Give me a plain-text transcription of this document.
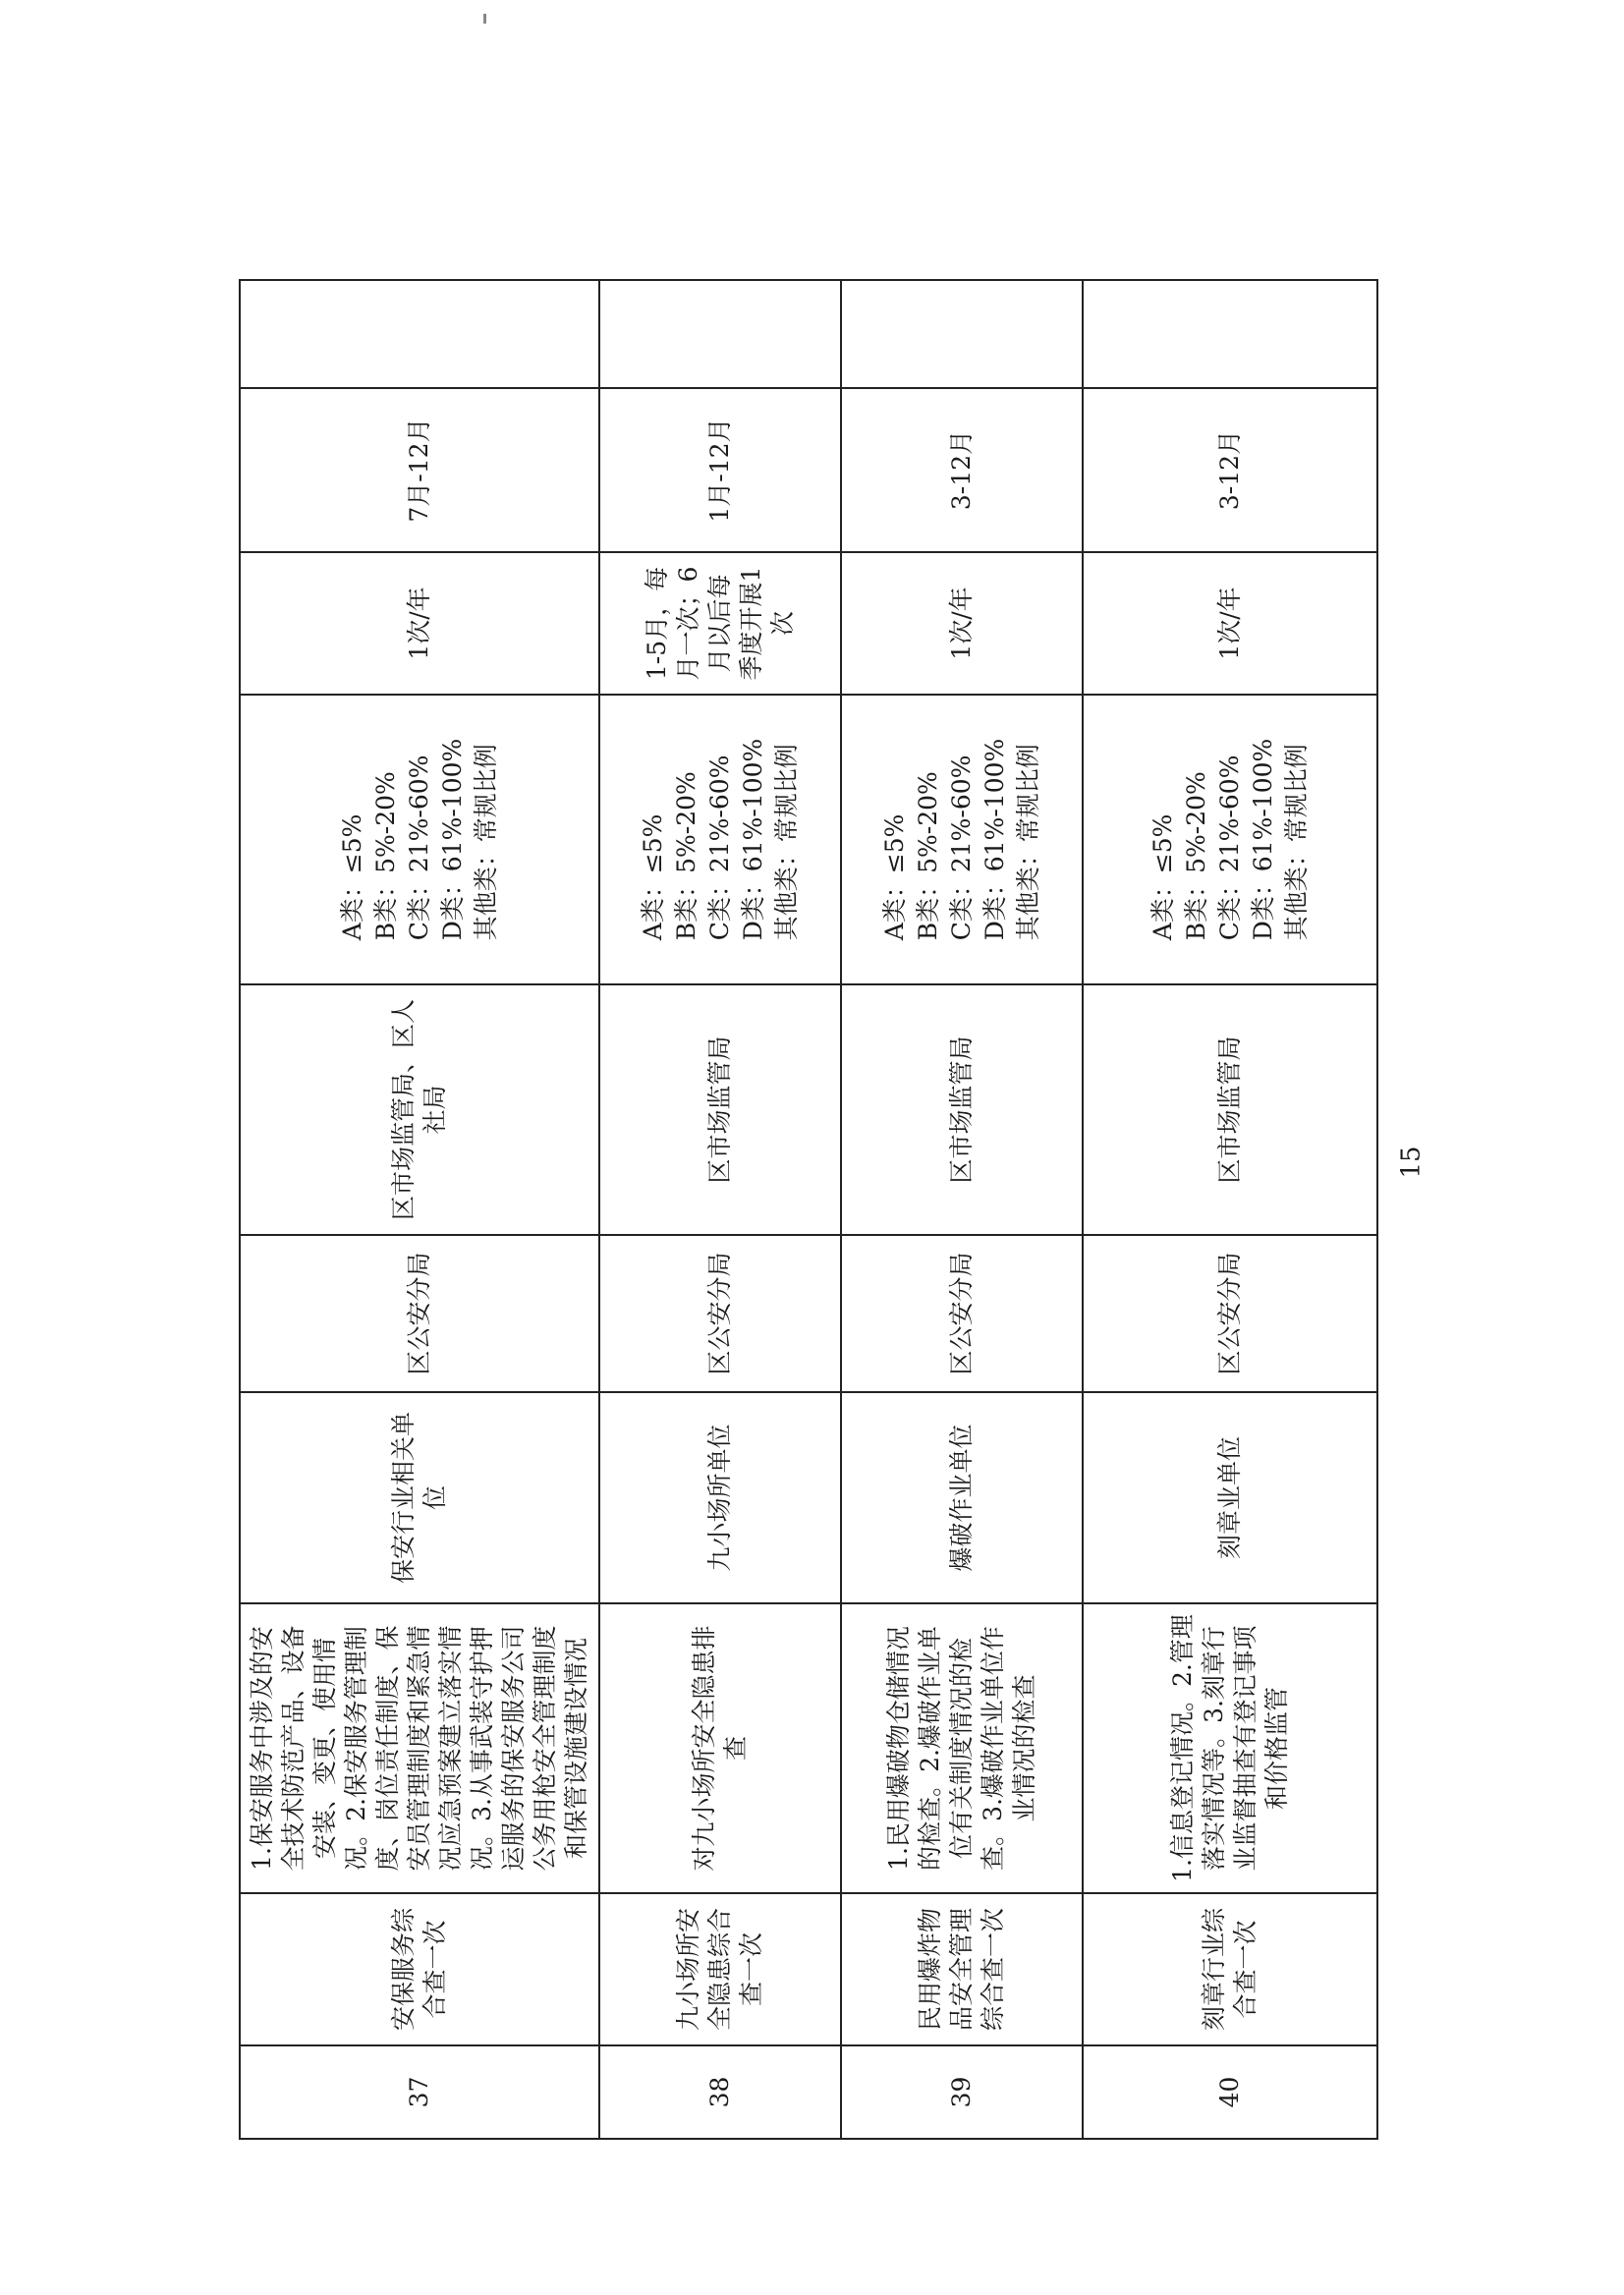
37	安保服务综合查一次	1.保安服务中涉及的安全技术防范产品、设备安装、变更、使用情况。2.保安服务管理制度、岗位责任制度、保安员管理制度和紧急情况应急预案建立落实情况。3.从事武装守护押运服务的保安服务公司公务用枪安全管理制度和保管设施建设情况	保安行业相关单位	区公安分局	区市场监管局、区人社局	A类：≤5% B类：5%-20% C类：21%-60% D类：61%-100% 其他类：常规比例	1次/年	7月-12月	
38	九小场所安全隐患综合查一次	对九小场所安全隐患排查	九小场所单位	区公安分局	区市场监管局	A类：≤5% B类：5%-20% C类：21%-60% D类：61%-100% 其他类：常规比例	1-5月，每月一次；6月以后每季度开展1次	1月-12月	
39	民用爆炸物品安全管理综合查一次	1.民用爆破物仓储情况的检查。2.爆破作业单位有关制度情况的检查。3.爆破作业单位作业情况的检查	爆破作业单位	区公安分局	区市场监管局	A类：≤5% B类：5%-20% C类：21%-60% D类：61%-100% 其他类：常规比例	1次/年	3-12月	
40	刻章行业综合查一次	1.信息登记情况。2.管理落实情况等。3.刻章行业监督抽查有登记事项和价格监管	刻章业单位	区公安分局	区市场监管局	A类：≤5% B类：5%-20% C类：21%-60% D类：61%-100% 其他类：常规比例	1次/年	3-12月	
15
